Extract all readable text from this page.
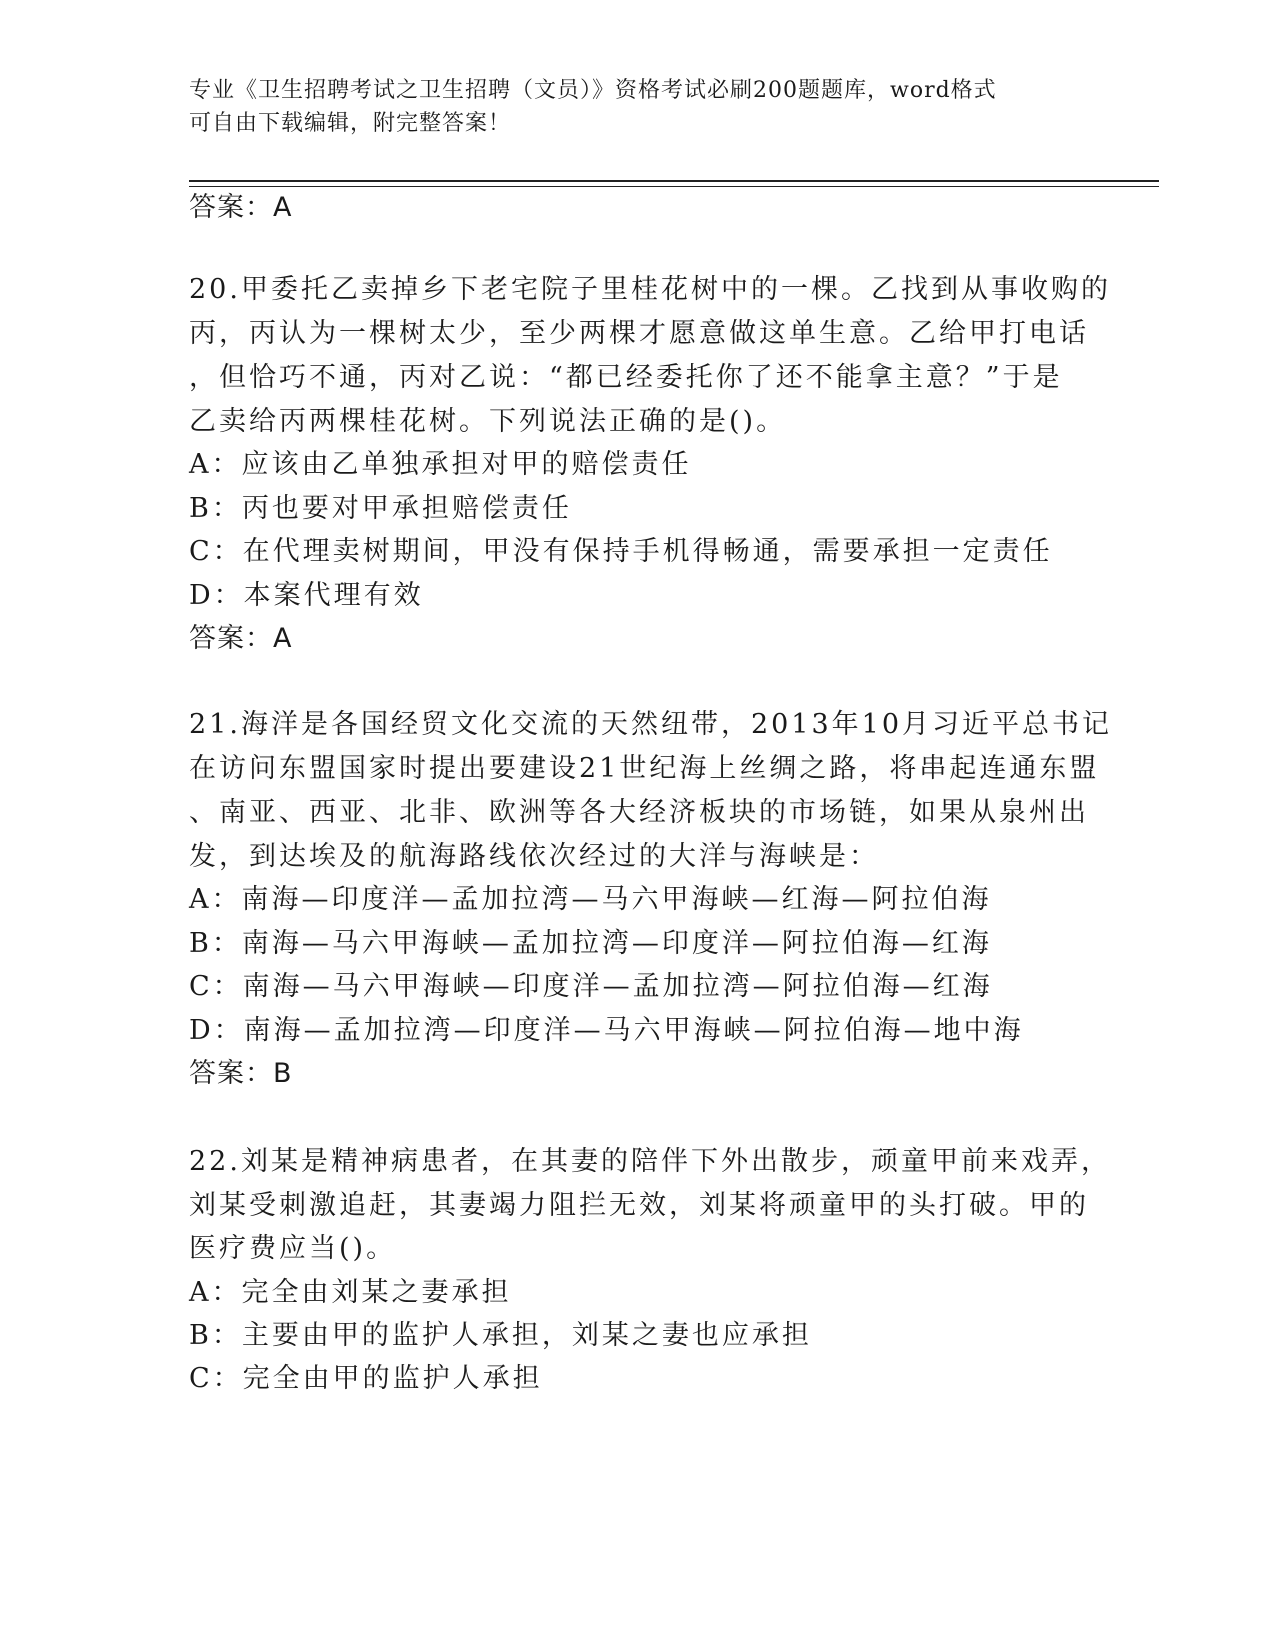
专业《卫生招聘考试之卫生招聘（文员）》资格考试必刷200题题库，word格式
可自由下载编辑，附完整答案！
答案：A
20.甲委托乙卖掉乡下老宅院子里桂花树中的一棵。乙找到从事收购的
丙，丙认为一棵树太少，至少两棵才愿意做这单生意。乙给甲打电话
，但恰巧不通，丙对乙说：“都已经委托你了还不能拿主意？”于是
乙卖给丙两棵桂花树。下列说法正确的是()。
A：应该由乙单独承担对甲的赔偿责任
B：丙也要对甲承担赔偿责任
C：在代理卖树期间，甲没有保持手机得畅通，需要承担一定责任
D：本案代理有效
答案：A
21.海洋是各国经贸文化交流的天然纽带，2013年10月习近平总书记
在访问东盟国家时提出要建设21世纪海上丝绸之路，将串起连通东盟
、南亚、西亚、北非、欧洲等各大经济板块的市场链，如果从泉州出
发，到达埃及的航海路线依次经过的大洋与海峡是：
A：南海—印度洋—孟加拉湾—马六甲海峡—红海—阿拉伯海
B：南海—马六甲海峡—孟加拉湾—印度洋—阿拉伯海—红海
C：南海—马六甲海峡—印度洋—孟加拉湾—阿拉伯海—红海
D：南海—孟加拉湾—印度洋—马六甲海峡—阿拉伯海—地中海
答案：B
22.刘某是精神病患者，在其妻的陪伴下外出散步，顽童甲前来戏弄，
刘某受刺激追赶，其妻竭力阻拦无效，刘某将顽童甲的头打破。甲的
医疗费应当()。
A：完全由刘某之妻承担
B：主要由甲的监护人承担，刘某之妻也应承担
C：完全由甲的监护人承担
